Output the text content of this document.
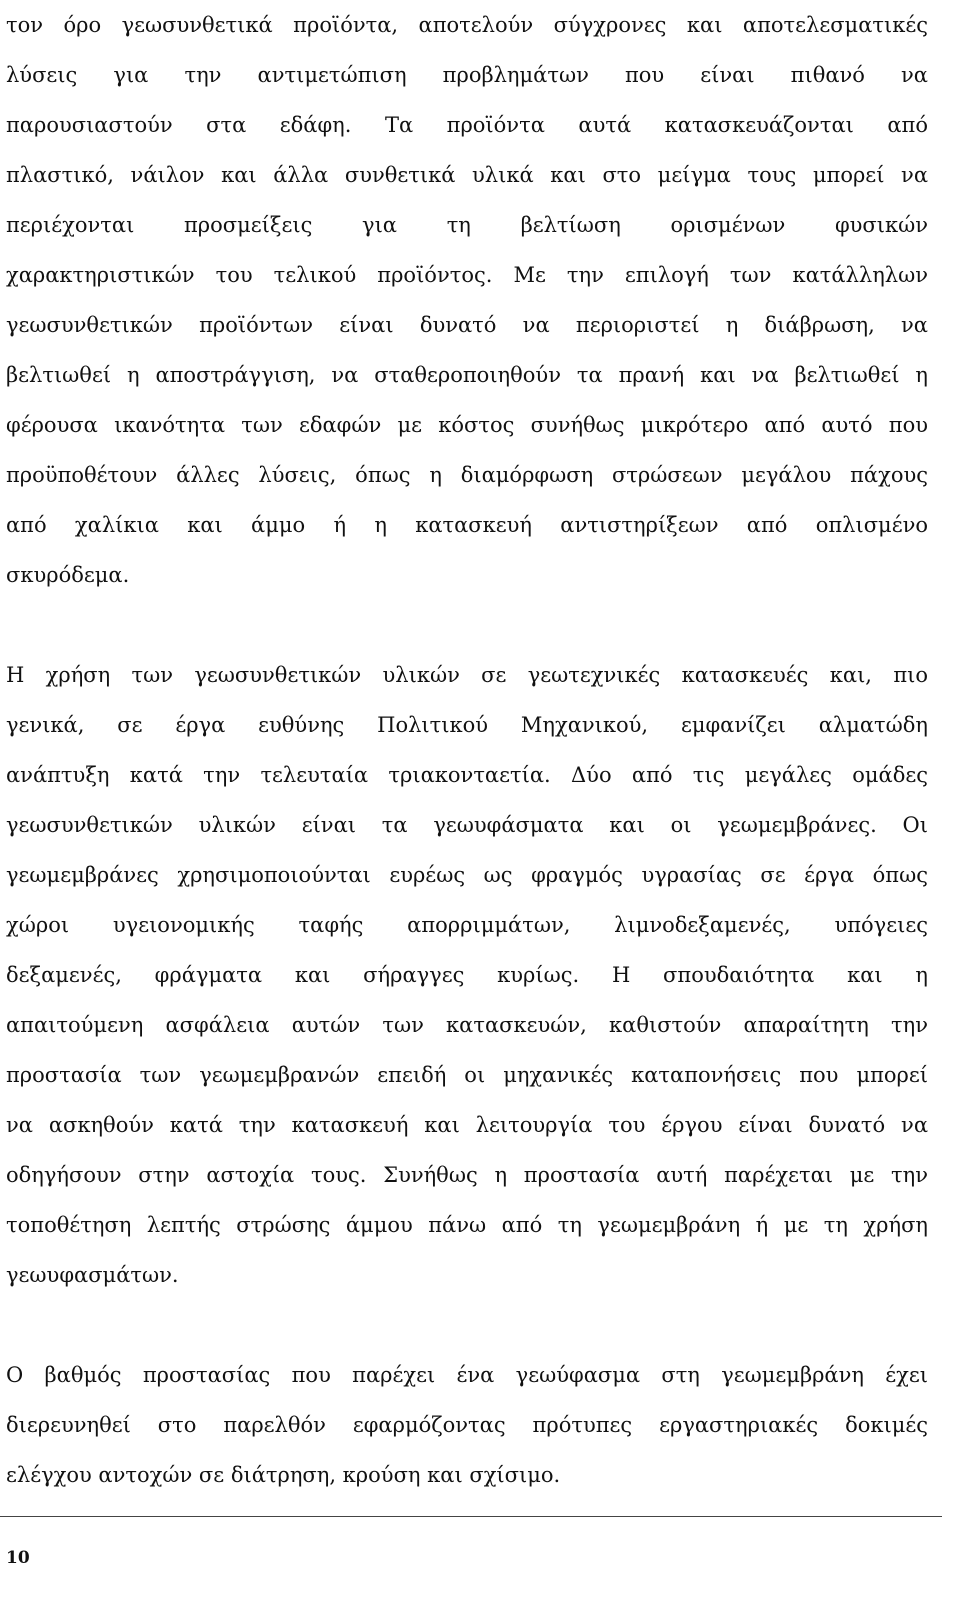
τον όρο γεωσυνθετικά προϊόντα, αποτελούν σύγχρονες και αποτελεσματικές
λύσεις για την αντιμετώπιση προβλημάτων που είναι πιθανό να
παρουσιαστούν στα εδάφη. Τα προϊόντα αυτά κατασκευάζονται από
πλαστικό, νάιλον και άλλα συνθετικά υλικά και στο μείγμα τους μπορεί να
περιέχονται προσμείξεις για τη βελτίωση ορισμένων φυσικών
χαρακτηριστικών του τελικού προϊόντος. Με την επιλογή των κατάλληλων
γεωσυνθετικών προϊόντων είναι δυνατό να περιοριστεί η διάβρωση, να
βελτιωθεί η αποστράγγιση, να σταθεροποιηθούν τα πρανή και να βελτιωθεί η
φέρουσα ικανότητα των εδαφών με κόστος συνήθως μικρότερο από αυτό που
προϋποθέτουν άλλες λύσεις, όπως η διαμόρφωση στρώσεων μεγάλου πάχους
από χαλίκια και άμμο ή η κατασκευή αντιστηρίξεων από οπλισμένο
σκυρόδεμα.
Η χρήση των γεωσυνθετικών υλικών σε γεωτεχνικές κατασκευές και, πιο
γενικά, σε έργα ευθύνης Πολιτικού Μηχανικού, εμφανίζει αλματώδη
ανάπτυξη κατά την τελευταία τριακονταετία. Δύο από τις μεγάλες ομάδες
γεωσυνθετικών υλικών είναι τα γεωυφάσματα και οι γεωμεμβράνες. Οι
γεωμεμβράνες χρησιμοποιούνται ευρέως ως φραγμός υγρασίας σε έργα όπως
χώροι υγειονομικής ταφής απορριμμάτων, λιμνοδεξαμενές, υπόγειες
δεξαμενές, φράγματα και σήραγγες κυρίως. Η σπουδαιότητα και η
απαιτούμενη ασφάλεια αυτών των κατασκευών, καθιστούν απαραίτητη την
προστασία των γεωμεμβρανών επειδή οι μηχανικές καταπονήσεις που μπορεί
να ασκηθούν κατά την κατασκευή και λειτουργία του έργου είναι δυνατό να
οδηγήσουν στην αστοχία τους. Συνήθως η προστασία αυτή παρέχεται με την
τοποθέτηση λεπτής στρώσης άμμου πάνω από τη γεωμεμβράνη ή με τη χρήση
γεωυφασμάτων.
Ο βαθμός προστασίας που παρέχει ένα γεωύφασμα στη γεωμεμβράνη έχει
διερευνηθεί στο παρελθόν εφαρμόζοντας πρότυπες εργαστηριακές δοκιμές
ελέγχου αντοχών σε διάτρηση, κρούση και σχίσιμο.
10
